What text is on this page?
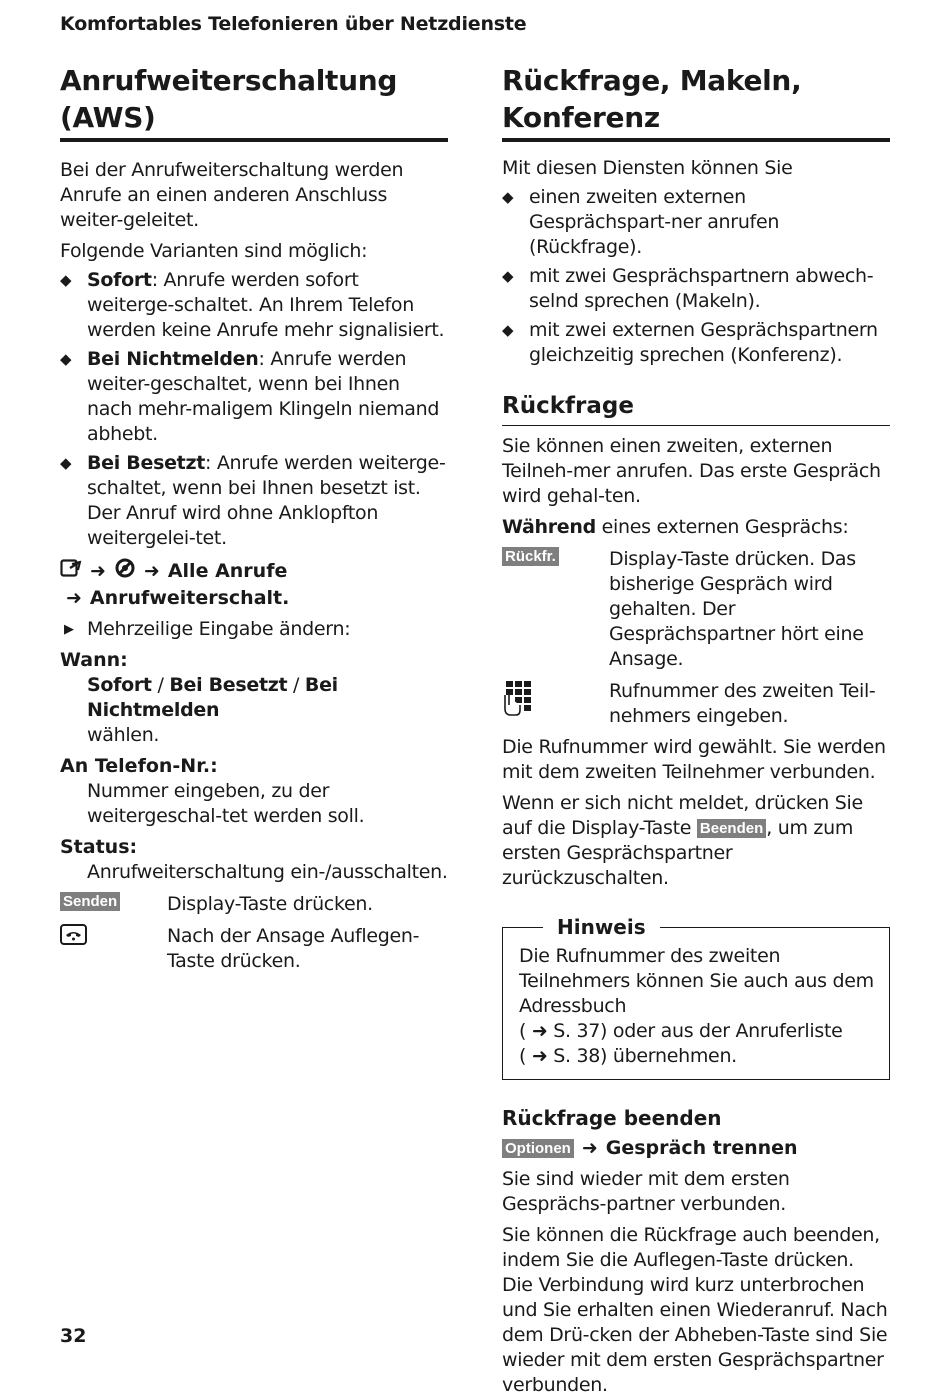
Komfortables Telefonieren über Netzdienste
Anrufweiterschaltung (AWS)

Bei der Anrufweiterschaltung werden Anrufe an einen anderen Anschluss weiter-geleitet.

Folgende Varianten sind möglich:

◆ Sofort: Anrufe werden sofort weiterge-schaltet. An Ihrem Telefon werden keine Anrufe mehr signalisiert.
◆ Bei Nichtmelden: Anrufe werden weiter-geschaltet, wenn bei Ihnen nach mehr-maligem Klingeln niemand abhebt.
◆ Bei Besetzt: Anrufe werden weiterge-schaltet, wenn bei Ihnen besetzt ist. Der Anruf wird ohne Anklopfton weitergelei-tet.
➜ ➜ Alle Anrufe
➜ Anrufweiterschalt.
▶ Mehrzeilige Eingabe ändern:
Wann:

Sofort / Bei Besetzt / Bei Nichtmelden
wählen.

An Telefon-Nr.:

Nummer eingeben, zu der weitergeschal-tet werden soll.

Status:

Anrufweiterschaltung ein-/ausschalten.

Senden	Display-Taste drücken.
Nach der Ansage Auflegen-Taste drücken.
Rückfrage, Makeln, Konferenz

Mit diesen Diensten können Sie

◆ einen zweiten externen Gesprächspart-ner anrufen (Rückfrage).
◆ mit zwei Gesprächspartnern abwech-selnd sprechen (Makeln).
◆ mit zwei externen Gesprächspartnern gleichzeitig sprechen (Konferenz).
Rückfrage

Sie können einen zweiten, externen Teilneh-mer anrufen. Das erste Gespräch wird gehal-ten.

Während eines externen Gesprächs:

Rückfr.	Display-Taste drücken. Das bisherige Gespräch wird gehalten. Der Gesprächspartner hört eine Ansage.
Rufnummer des zweiten Teil-nehmers eingeben.

Die Rufnummer wird gewählt. Sie werden mit dem zweiten Teilnehmer verbunden.

Wenn er sich nicht meldet, drücken Sie auf die Display-Taste Beenden , um zum ersten Gesprächspartner zurückzuschalten.

Hinweis

Die Rufnummer des zweiten Teilnehmers können Sie auch aus dem Adressbuch
( ➜ S. 37) oder aus der Anruferliste
( ➜ S. 38) übernehmen.

Rückfrage beenden
Optionen ➜ Gespräch trennen

Sie sind wieder mit dem ersten Gesprächs-partner verbunden.

Sie können die Rückfrage auch beenden, indem Sie die Auflegen-Taste drücken. Die Verbindung wird kurz unterbrochen und Sie erhalten einen Wiederanruf. Nach dem Drü-cken der Abheben-Taste sind Sie wieder mit dem ersten Gesprächspartner verbunden.

32
